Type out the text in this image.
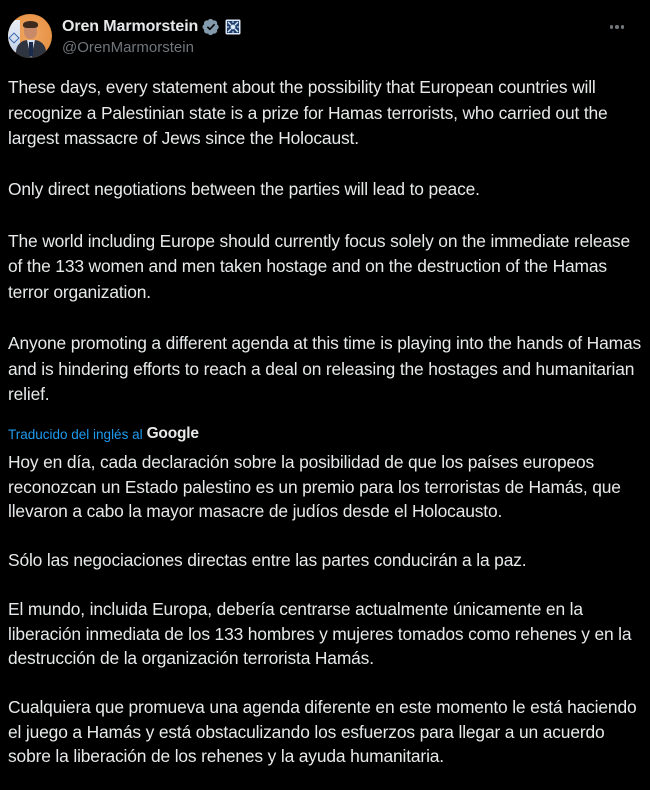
Oren Marmorstein
@OrenMarmorstein

These days, every statement about the possibility that European countries will recognize a Palestinian state is a prize for Hamas terrorists, who carried out the largest massacre of Jews since the Holocaust.

Only direct negotiations between the parties will lead to peace.

The world including Europe should currently focus solely on the immediate release of the 133 women and men taken hostage and on the destruction of the Hamas terror organization.

Anyone promoting a different agenda at this time is playing into the hands of Hamas and is hindering efforts to reach a deal on releasing the hostages and humanitarian relief.

Traducido del inglés al Google

Hoy en día, cada declaración sobre la posibilidad de que los países europeos reconozcan un Estado palestino es un premio para los terroristas de Hamás, que llevaron a cabo la mayor masacre de judíos desde el Holocausto.

Sólo las negociaciones directas entre las partes conducirán a la paz.

El mundo, incluida Europa, debería centrarse actualmente únicamente en la liberación inmediata de los 133 hombres y mujeres tomados como rehenes y en la destrucción de la organización terrorista Hamás.

Cualquiera que promueva una agenda diferente en este momento le está haciendo el juego a Hamás y está obstaculizando los esfuerzos para llegar a un acuerdo sobre la liberación de los rehenes y la ayuda humanitaria.
